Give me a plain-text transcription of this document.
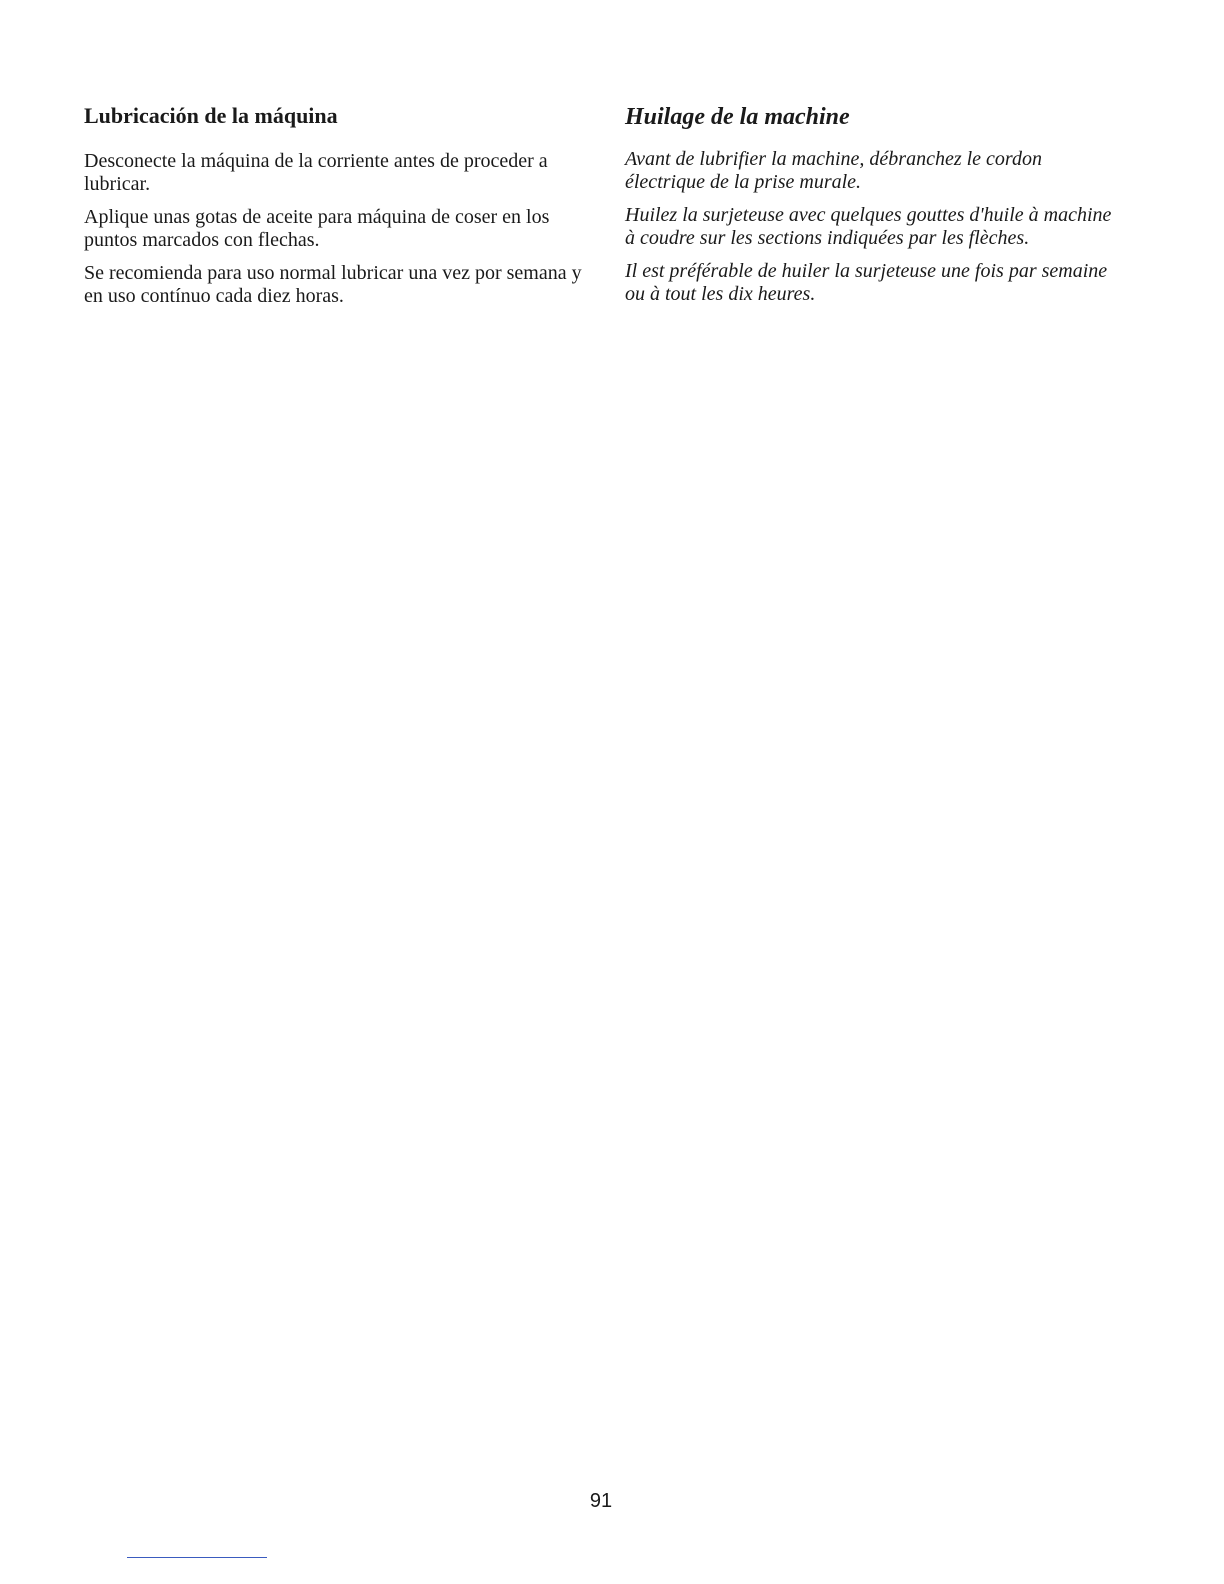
Lubricación de la máquina

Desconecte la máquina de la corriente antes de proceder a lubricar.

Aplique unas gotas de aceite para máquina de coser en los puntos marcados con flechas.

Se recomienda para uso normal lubricar una vez por semana y en uso contínuo cada diez horas.

Huilage de la machine

Avant de lubrifier la machine, débranchez le cordon électrique de la prise murale.

Huilez la surjeteuse avec quelques gouttes d'huile à machine à coudre sur les sections indiquées par les flèches.

Il est préférable de huiler la surjeteuse une fois par semaine ou à tout les dix heures.

91
